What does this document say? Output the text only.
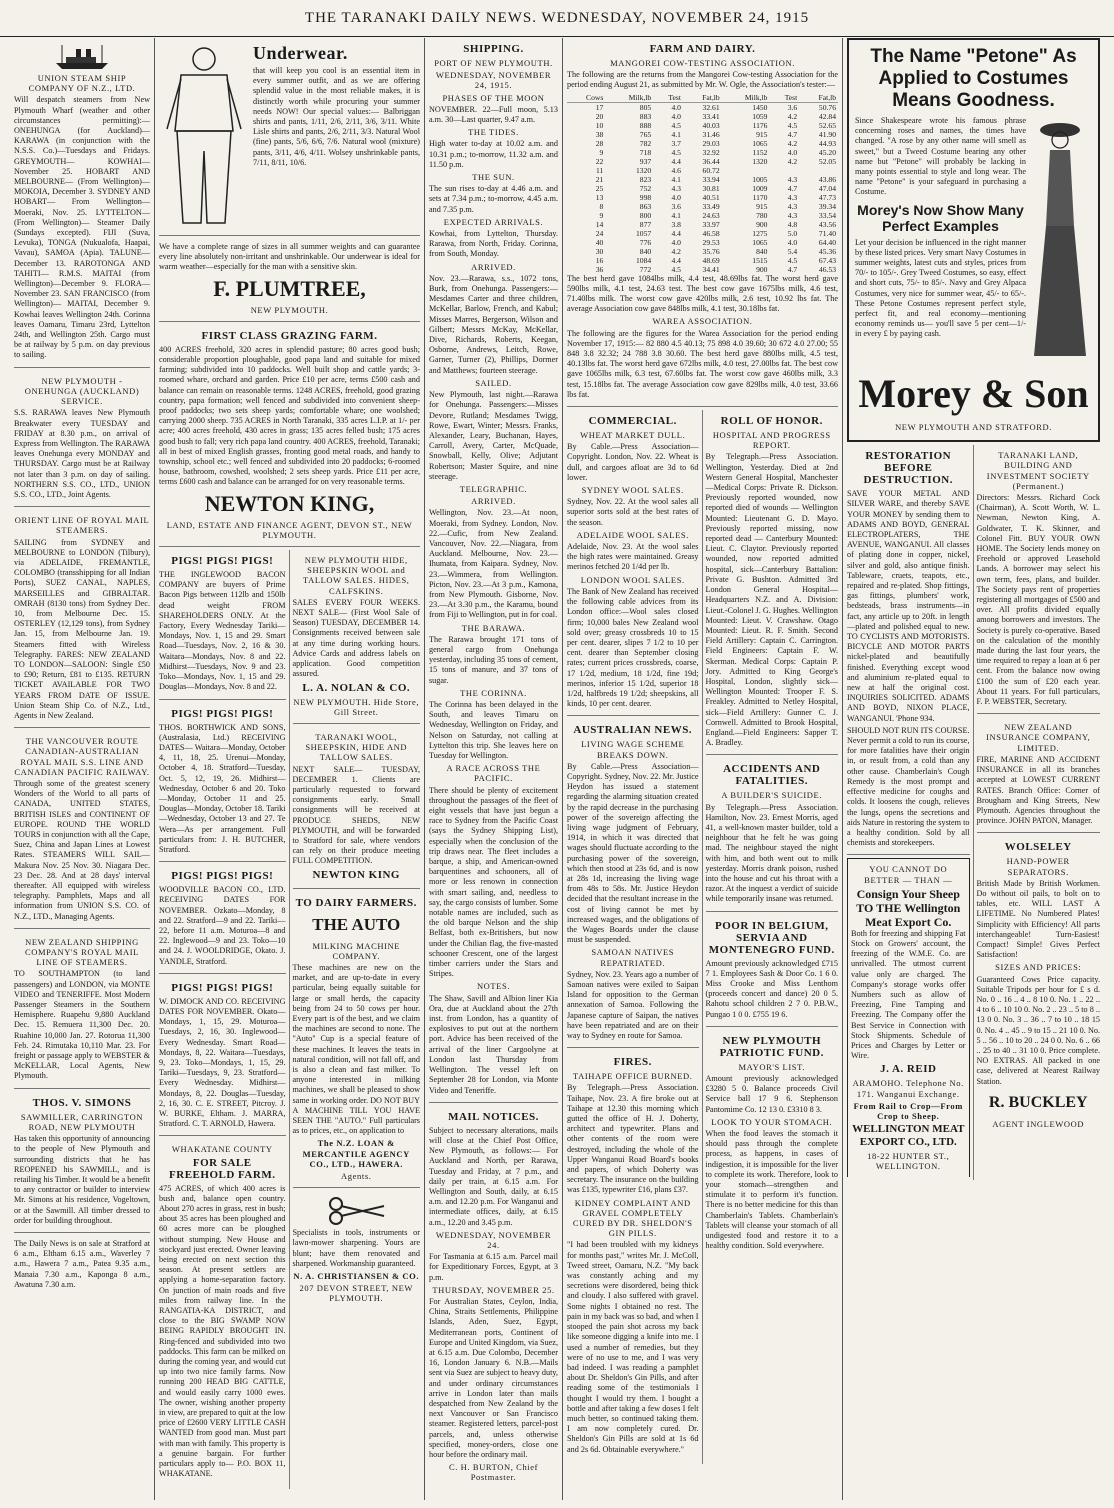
THE TARANAKI DAILY NEWS. WEDNESDAY, NOVEMBER 24, 1915
UNION STEAM SHIP COMPANY OF N.Z., LTD.

Will despatch steamers from New Plymouth Wharf (weather and other circumstances permitting):— ONEHUNGA (for Auckland)— KARAWA (in conjunction with the N.S.S. Co.)—Tuesdays and Fridays. GREYMOUTH— KOWHAI—November 25. HOBART AND MELBOURNE— (From Wellington)— MOKOIA, December 3. SYDNEY AND HOBART— From Wellington—Moeraki, Nov. 25. LYTTELTON— (From Wellington)— Steamer Daily (Sundays excepted). FIJI (Suva, Levuka), TONGA (Nukualofa, Haapai, Vavau), SAMOA (Apia). TALUNE—December 13. RAROTONGA AND TAHITI— R.M.S. MAITAI (from Wellington)—December 9. FLORA—November 23. SAN FRANCISCO (from Wellington)— MAITAI, December 9. Kowhai leaves Wellington 24th. Corinna leaves Oamaru, Timaru 23rd, Lyttelton 24th, and Wellington 25th. Cargo must be at railway by 5 p.m. on day previous to sailing.

NEW PLYMOUTH - ONEHUNGA (AUCKLAND) SERVICE.

S.S. RARAWA leaves New Plymouth Breakwater every TUESDAY and FRIDAY at 8.30 p.m., on arrival of Express from Wellington. The RARAWA leaves Onehunga every MONDAY and THURSDAY. Cargo must be at Railway not later than 3 p.m. on day of sailing. NORTHERN S.S. CO., LTD., UNION S.S. CO., LTD., Joint Agents.

ORIENT LINE OF ROYAL MAIL STEAMERS.

SAILING from SYDNEY and MELBOURNE to LONDON (Tilbury), via ADELAIDE, FREMANTLE, COLOMBO (transshipping for all Indian Ports), SUEZ CANAL, NAPLES, MARSEILLES and GIBRALTAR. OMRAH (8130 tons) from Sydney Dec. 10, from Melbourne Dec. 15. OSTERLEY (12,129 tons), from Sydney Jan. 15, from Melbourne Jan. 19. Steamers fitted with Wireless Telegraphy. FARES: NEW ZEALAND TO LONDON—SALOON: Single £50 to £90; Return, £81 to £135. RETURN TICKET AVAILABLE FOR TWO YEARS FROM DATE OF ISSUE. Union Steam Ship Co. of N.Z., Ltd., Agents in New Zealand.

THE VANCOUVER ROUTE CANADIAN-AUSTRALIAN ROYAL MAIL S.S. LINE AND CANADIAN PACIFIC RAILWAY.

Through some of the greatest scenery Wonders of the World to all parts of CANADA, UNITED STATES, BRITISH ISLES and CONTINENT OF EUROPE. ROUND THE WORLD TOURS in conjunction with all the Cape, Suez, China and Japan Lines at Lowest Rates. STEAMERS WILL SAIL— Makura Nov. 25 Nov. 30. Niagara Dec. 23 Dec. 28. And at 28 days' interval thereafter. All equipped with wireless telegraphy. Pamphlets, Maps and all information from UNION S.S. CO. of N.Z., LTD., Managing Agents.

NEW ZEALAND SHIPPING COMPANY'S ROYAL MAIL LINE OF STEAMERS.

TO SOUTHAMPTON (to land passengers) and LONDON, via MONTE VIDEO and TENERIFFE. Most Modern Passenger Steamers in the Southern Hemisphere. Ruapehu 9,880 Auckland Dec. 15. Remuera 11,300 Dec. 20. Ruahine 10,000 Jan. 27. Rotorua 11,300 Feb. 24. Rimutaka 10,110 Mar. 23. For freight or passage apply to WEBSTER & McKELLAR, Local Agents, New Plymouth.

THOS. V. SIMONS
SAWMILLER, CARRINGTON ROAD, NEW PLYMOUTH

Has taken this opportunity of announcing to the people of New Plymouth and surrounding districts that he has REOPENED his SAWMILL, and is retailing his Timber. It would be a benefit to any contractor or builder to interview Mr. Simons at his residence, Vogeltown, or at the Sawmill. All timber dressed to order for building throughout.

The Daily News is on sale at Stratford at 6 a.m., Eltham 6.15 a.m., Waverley 7 a.m., Hawera 7 a.m., Patea 9.35 a.m., Manaia 7.30 a.m., Kaponga 8 a.m., Awatuna 7.30 a.m.

Underwear.

that will keep you cool is an essential item in every summer outfit, and as we are offering splendid value in the most reliable makes, it is distinctly worth while procuring your summer needs NOW! Our special values:— Balbriggan shirts and pants, 1/11, 2/6, 2/11, 3/6, 3/11. White Lisle shirts and pants, 2/6, 2/11, 3/3. Natural Wool (fine) pants, 5/6, 6/6, 7/6. Natural wool (mixture) pants, 3/11, 4/6, 4/11. Wolsey unshrinkable pants, 7/11, 8/11, 10/6.

We have a complete range of sizes in all summer weights and can guarantee every line absolutely non-irritant and unshrinkable. Our underwear is ideal for warm weather—especially for the man with a sensitive skin.

F. PLUMTREE,
NEW PLYMOUTH.
FIRST CLASS GRAZING FARM.

400 ACRES freehold, 320 acres in splendid pasture; 80 acres good bush; considerable proportion ploughable, good papa land and suitable for mixed farming; subdivided into 10 paddocks. Well built shop and cattle yards; 3-roomed whare, orchard and garden. Price £10 per acre, terms £500 cash and balance can remain on reasonable terms. 1248 ACRES, freehold, good grazing country, papa formation; well fenced and subdivided into convenient sheep-proof paddocks; two sets sheep yards; comfortable whare; one woolshed; carrying 2000 sheep. 735 ACRES in North Taranaki, 335 acres L.I.P. at 1/- per acre; 400 acres freehold, 430 acres in grass; 135 acres felled bush; 175 acres good bush to fall; very rich papa land country. 400 ACRES, freehold, Taranaki; all in best of mixed English grasses, fronting good metal roads, and handy to township, school etc.; well fenced and subdivided into 20 paddocks; 6-roomed house, bathroom, cowshed, woolshed; 2 sets sheep yards. Price £11 per acre, terms £600 cash and balance can be arranged for on very reasonable terms.

NEWTON KING,
LAND, ESTATE AND FINANCE AGENT, DEVON ST., NEW PLYMOUTH.
PIGS! PIGS! PIGS!

THE INGLEWOOD BACON COMPANY are buyers of Prime Bacon Pigs between 112lb and 150lb dead weight FROM SHAREHOLDERS ONLY. At the Factory, Every Wednesday Tariki—Mondays, Nov. 1, 15 and 29. Smart Road—Tuesdays, Nov. 2, 16 & 30. Waitara—Mondays, Nov. 8 and 22. Midhirst—Tuesdays, Nov. 9 and 23. Toko—Mondays, Nov. 1, 15 and 29. Douglas—Mondays, Nov. 8 and 22.

PIGS! PIGS! PIGS!

THOS. BORTHWICK AND SONS, (Australasia, Ltd.) RECEIVING DATES— Waitara—Monday, October 4, 11, 18, 25. Urenui—Monday, October 4, 18. Stratford—Tuesday, Oct. 5, 12, 19, 26. Midhirst—Wednesday, October 6 and 20. Toko—Monday, October 11 and 25. Douglas—Monday, October 18. Tariki—Wednesday, October 13 and 27. Te Wera—As per arrangement. Full particulars from: J. H. BUTCHER, Stratford.

PIGS! PIGS! PIGS!

WOODVILLE BACON CO., LTD. RECEIVING DATES FOR NOVEMBER. Ozkato—Monday, 8 and 22. Stratford—9 and 22. Tariki—22, before 11 a.m. Moturoa—8 and 22. Inglewood—9 and 23. Toko—10 and 24. J. WOOLDRIDGE, Okato. J. YANDLE, Stratford.

PIGS! PIGS! PIGS!

W. DIMOCK AND CO. RECEIVING DATES FOR NOVEMBER. Okato—Mondays, 1, 15, 29. Moturoa—Tuesdays, 2, 16, 30. Inglewood—Every Wednesday. Smart Road—Mondays, 8, 22. Waitara—Tuesdays, 9, 23. Toko—Mondays, 1, 15, 29. Tariki—Tuesdays, 9, 23. Stratford—Every Wednesday. Midhirst—Mondays, 8, 22. Douglas—Tuesday, 2, 16, 30. C. E. STREET, Pitcroy. J. W. BURKE, Eltham. J. MARRA, Stratford. C. T. ARNOLD, Hawera.

WHAKATANE COUNTY
FOR SALE FREEHOLD FARM.

475 ACRES, of which 400 acres is bush and, balance open country. About 270 acres in grass, rest in bush; about 35 acres has been ploughed and 60 acres more can be ploughed without stumping. New House and stockyard just erected. Owner leaving being erected on next section this season. At present settlers are applying a home-separation factory. On junction of main roads and five miles from railway line. In the RANGATIA-KA DISTRICT, and close to the BIG SWAMP NOW BEING RAPIDLY BROUGHT IN. Ring-fenced and subdivided into two paddocks. This farm can be milked on during the coming year, and would cut up into two nice family farms. Now running 200 HEAD BIG CATTLE, and would easily carry 1000 ewes. The owner, wishing another property in view, are prepared to quit at the low price of £2600 VERY LITTLE CASH WANTED from good man. Must part with man with family. This property is a genuine bargain. For further particulars apply to— P.O. BOX 11, WHAKATANE.

NEW PLYMOUTH HIDE, SHEEPSKIN WOOL and TALLOW SALES. HIDES, CALFSKINS.

SALES EVERY FOUR WEEKS. NEXT SALE— (First Wool Sale of Season) TUESDAY, DECEMBER 14. Consignments received between sale at any time during working hours. Advice Cards and address labels on application. Good competition assured.

L. A. NOLAN & CO.
NEW PLYMOUTH. Hide Store, Gill Street.
TARANAKI WOOL, SHEEPSKIN, HIDE AND TALLOW SALES.

NEXT SALE— TUESDAY, DECEMBER 1. Clients are particularly requested to forward consignments early. Small consignments will be received at PRODUCE SHEDS, NEW PLYMOUTH, and will be forwarded to Stratford for sale, where vendors can rely on their produce meeting FULL COMPETITION.

NEWTON KING
TO DAIRY FARMERS.
THE AUTO
MILKING MACHINE COMPANY.

These machines are new on the market, and are up-to-date in every particular, being equally suitable for large or small herds, the capacity being from 24 to 50 cows per hour. Every part is of the best, and we claim the machines are second to none. The "Auto" Cup is a special feature of these machines. It leaves the teats in natural condition, will not fall off, and is also a clean and fast milker. To anyone interested in milking machines, we shall be pleased to show same in working order. DO NOT BUY A MACHINE TILL YOU HAVE SEEN THE "AUTO." Full particulars as to prices, etc., on application to

The N.Z. LOAN & MERCANTILE AGENCY CO., LTD., HAWERA.
Agents.

Specialists in tools, instruments or lawn-mower sharpening. Yours are blunt; have them renovated and sharpened. Workmanship guaranteed.

N. A. CHRISTIANSEN & CO.
207 DEVON STREET, NEW PLYMOUTH.
SHIPPING.
PORT OF NEW PLYMOUTH.
WEDNESDAY, NOVEMBER 24, 1915.
PHASES OF THE MOON

NOVEMBER. 22—Full moon, 5.13 a.m. 30—Last quarter, 9.47 a.m.

THE TIDES.

High water to-day at 10.02 a.m. and 10.31 p.m.; to-morrow, 11.32 a.m. and 11.50 p.m.

THE SUN.

The sun rises to-day at 4.46 a.m. and sets at 7.34 p.m.; to-morrow, 4.45 a.m. and 7.35 p.m.

EXPECTED ARRIVALS.

Kowhai, from Lyttelton, Thursday. Rarawa, from North, Friday. Corinna, from South, Monday.

ARRIVED.

Nov. 23.—Rarawa, s.s., 1072 tons, Burk, from Onehunga. Passengers:—Mesdames Carter and three children, McKellar, Barlow, French, and Kabul; Misses Marres, Bergerson, Wilson and Gilbert; Messrs McKay, McKellar, Dive, Richards, Roberts, Keegan, Osborne, Andrews, Leitch, Rowe, Garner, Turner (2), Phillips, Dormer and Matthews; fourteen steerage.

SAILED.

New Plymouth, last night.—Rarawa for Onehunga. Passengers:—Misses Devore, Rutland; Mesdames Twigg, Rowe, Ewart, Winter; Messrs. Franks, Alexander, Leary, Buchanan, Hayes, Carroll, Avery, Carter, McQuade, Snowball, Kelly, Olive; Adjutant Robertson; Master Squire, and nine steerage.

TELEGRAPHIC.
ARRIVED.

Wellington, Nov. 23.—At noon, Moeraki, from Sydney. London, Nov. 22.—Cufic, from New Zealand. Vancouver, Nov. 22.—Niagara, from Auckland. Melbourne, Nov. 23.—Ihumata, from Kaipara. Sydney, Nov. 23.—Wimmera, from Wellington. Picton, Nov. 23.—At 3 p.m., Kamona, from New Plymouth. Gisborne, Nov. 23.—At 3.30 p.m., the Karamu, bound from Fiji to Wellington, put in for coal.

THE BARAWA.

The Rarawa brought 171 tons of general cargo from Onehunga yesterday, including 35 tons of cement, 15 tons of manure, and 37 tons of sugar.

THE CORINNA.

The Corinna has been delayed in the South, and leaves Timaru on Wednesday, Wellington on Friday, and Nelson on Saturday, not calling at Lyttelton this trip. She leaves here on Tuesday for Wellington.

A RACE ACROSS THE PACIFIC.

There should be plenty of excitement throughout the passages of the fleet of eight vessels that have just begun a race to Sydney from the Pacific Coast (says the Sydney Shipping List), especially when the conclusion of the trip draws near. The fleet includes a barque, a ship, and American-owned barquentines and schooners, all of more or less renown in connection with smart sailing, and, needless to say, the cargo consists of lumber. Some notable names are included, such as the old barque Nelson and the ship Belfast, both ex-Britishers, but now under the Chilian flag, the five-masted schooner Crescent, one of the largest timber carriers under the Stars and Stripes.

NOTES.

The Shaw, Savill and Albion liner Kia Ora, due at Auckland about the 27th inst. from London, has a quantity of explosives to put out at the northern port. Advice has been received of the arrival of the liner Cargoolyne at London last Thursday from Wellington. The vessel left on September 28 for London, via Monte Video and Teneriffe.

MAIL NOTICES.

Subject to necessary alterations, mails will close at the Chief Post Office, New Plymouth, as follows:— For Auckland and North, per Rarawa, Tuesday and Friday, at 7 p.m., and daily per train, at 6.15 a.m. For Wellington and South, daily, at 6.15 a.m. and 12.20 p.m. For Wanganui and intermediate offices, daily, at 6.15 a.m., 12.20 and 3.45 p.m.

WEDNESDAY, NOVEMBER 24.

For Tasmania at 6.15 a.m. Parcel mail for Expeditionary Forces, Egypt, at 3 p.m.

THURSDAY, NOVEMBER 25.

For Australian States, Ceylon, India, China, Straits Settlements, Philippine Islands, Aden, Suez, Egypt, Mediterranean ports, Continent of Europe and United Kingdom, via Suez, at 6.15 a.m. Due Colombo, December 16, London January 6. N.B.—Mails sent via Suez are subject to heavy duty, and under ordinary circumstances arrive in London later than mails despatched from New Zealand by the next Vancouver or San Francisco steamer. Registered letters, parcel-post parcels, and, unless otherwise specified, money-orders, close one hour before the ordinary mail.

C. H. BURTON, Chief Postmaster.
FARM AND DAIRY.
MANGOREI COW-TESTING ASSOCIATION.

The following are the returns from the Mangorei Cow-testing Association for the period ending August 21, as submitted by Mr. W. Ogle, the Association's tester:—

Cows	Milk,lb	Test	Fat,lb	Milk,lb	Test	Fat,lb
17	805	4.0	32.61	1450	3.6	50.76
20	883	4.0	33.41	1059	4.2	42.84
10	888	4.5	40.03	1176	4.5	52.65
38	765	4.1	31.46	915	4.7	41.90
28	782	3.7	29.03	1065	4.2	44.93
9	718	4.5	32.92	1152	4.0	45.20
22	937	4.4	36.44	1320	4.2	52.05
11	1320	4.6	60.72			
21	823	4.1	33.94	1005	4.3	43.86
25	752	4.3	30.81	1009	4.7	47.04
13	998	4.0	40.51	1170	4.3	47.73
8	863	3.6	33.49	915	4.3	39.34
9	800	4.1	24.63	780	4.3	33.54
14	877	3.8	33.97	900	4.8	43.56
24	1057	4.4	46.58	1275	5.0	71.40
40	776	4.0	29.53	1065	4.0	64.40
30	840	4.2	35.76	840	5.4	45.36
16	1084	4.4	48.69	1515	4.5	67.43
36	772	4.5	34.41	900	4.7	46.53

The best herd gave 1084lbs milk, 4.4 test, 48.69lbs fat. The worst herd gave 590lbs milk, 4.1 test, 24.63 test. The best cow gave 1675lbs milk, 4.6 test, 71.40lbs milk. The worst cow gave 420lbs milk, 2.6 test, 10.92 lbs fat. The average Association cow gave 848lbs milk, 4.1 test, 30.18lbs fat.

WAREA ASSOCIATION.

The following are the figures for the Warea Association for the period ending November 17, 1915:— 82 880 4.5 40.13; 75 898 4.0 39.60; 30 672 4.0 27.00; 55 848 3.8 32.32; 24 788 3.8 30.60. The best herd gave 880lbs milk, 4.5 test, 40.13lbs fat. The worst herd gave 672lbs milk, 4.0 test, 27.00lbs fat. The best cow gave 1065lbs milk, 6.3 test, 67.60lbs fat. The worst cow gave 460lbs milk, 3.3 test, 15.18lbs fat. The average Association cow gave 829lbs milk, 4.0 test, 33.66 lbs fat.

COMMERCIAL.
WHEAT MARKET DULL.

By Cable.—Press Association—Copyright. London, Nov. 22. Wheat is dull, and cargoes afloat are 3d to 6d lower.

SYDNEY WOOL SALES.

Sydney, Nov. 22. At the wool sales all superior sorts sold at the best rates of the season.

ADELAIDE WOOL SALES.

Adelaide, Nov. 23. At the wool sales the high rates were maintained. Greasy merinos fetched 20 1/4d per lb.

LONDON WOOL SALES.

The Bank of New Zealand has received the following cable advices from its London office:—Wool sales closed firm; 10,000 bales New Zealand wool sold over; greasy crossbreds 10 to 15 per cent. dearer, slipes 7 1/2 to 10 per cent. dearer than September closing rates; current prices crossbreds, coarse, 17 1/2d, medium, 18 1/2d, fine 19d; merinos, inferior 15 1/2d, superior 18 1/2d, halfbreds 19 1/2d; sheepskins, all kinds, 10 per cent. dearer.

AUSTRALIAN NEWS.
LIVING WAGE SCHEME BREAKS DOWN.

By Cable.—Press Association—Copyright. Sydney, Nov. 22. Mr. Justice Heydon has issued a statement regarding the alarming situation created by the rapid decrease in the purchasing power of the sovereign affecting the living wage judgment of February, 1914, in which it was directed that wages should fluctuate according to the purchasing power of the sovereign, which then stood at 23s 6d, and is now at 28s 1d, increasing the living wage from 48s to 58s. Mr. Justice Heydon decided that the resultant increase in the cost of living cannot be met by increased wages, and the obligations of the Wages Boards under the clause must be suspended.

SAMOAN NATIVES REPATRIATED.

Sydney, Nov. 23. Years ago a number of Samoan natives were exiled to Saipan Island for opposition to the German annexation of Samoa. Following the Japanese capture of Saipan, the natives have been repatriated and are on their way to Sydney en route for Samoa.

FIRES.
TAIHAPE OFFICE BURNED.

By Telegraph.—Press Association. Taihape, Nov. 23. A fire broke out at Taihape at 12.30 this morning which gutted the office of H. J. Doherty, architect and typewriter. Plans and other contents of the room were destroyed, including the whole of the Upper Wanganui Road Board's books and papers, of which Doherty was secretary. The insurance on the building was £135, typewriter £16, plans £37.

KIDNEY COMPLAINT AND GRAVEL COMPLETELY CURED BY DR. SHELDON'S GIN PILLS.

"I had been troubled with my kidneys for months past," writes Mr. J. McColl, Tweed street, Oamaru, N.Z. "My back was constantly aching and my secretions were disordered, being thick and cloudy. I also suffered with gravel. Some nights I obtained no rest. The pain in my back was so bad, and when I stooped the pain shot across my back like someone digging a knife into me. I used a number of remedies, but they were of no use to me, and I was very bad indeed. I was reading a pamphlet about Dr. Sheldon's Gin Pills, and after reading some of the testimonials I thought I would try them. I bought a bottle and after taking a few doses I felt much better, so continued taking them. I am now completely cured. Dr. Sheldon's Gin Pills are sold at 1s 6d and 2s 6d. Obtainable everywhere."

ROLL OF HONOR.
HOSPITAL AND PROGRESS REPORT.

By Telegraph.—Press Association. Wellington, Yesterday. Died at 2nd Western General Hospital, Manchester—Medical Corps: Private R. Dickson. Previously reported wounded, now reported died of wounds — Wellington Mounted: Lieutenant G. D. Mayo. Previously reported missing, now reported dead — Canterbury Mounted: Lieut. C. Claytor. Previously reported wounded, now reported admitted hospital, sick—Canterbury Battalion: Private G. Bushton. Admitted 3rd London General Hospital—Headquarters N.Z. and A. Division: Lieut.-Colonel J. G. Hughes. Wellington Mounted: Lieut. V. Crawshaw. Otago Mounted: Lieut. R. F. Smith. Second Field Artillery: Captain C. Carrington. Field Engineers: Captain F. W. Skerman. Medical Corps: Captain P. Jory. Admitted to King George's Hospital, London, slightly sick—Wellington Mounted: Trooper F. S. Freakley. Admitted to Netley Hospital, sick—Field Artillery: Gunner C. J. Cornwell. Admitted to Brook Hospital, England.—Field Engineers: Sapper T. A. Bradley.

ACCIDENTS AND FATALITIES.
A BUILDER'S SUICIDE.

By Telegraph.—Press Association. Hamilton, Nov. 23. Ernest Morris, aged 41, a well-known master builder, told a neighbour that he felt he was going mad. The neighbour stayed the night with him, and both went out to milk yesterday. Morris drank poison, rushed into the house and cut his throat with a razor. At the inquest a verdict of suicide while temporarily insane was returned.

POOR IN BELGIUM, SERVIA AND MONTENEGRO FUND.

Amount previously acknowledged £715 7 1. Employees Sash & Door Co. 1 6 0. Miss Crooke and Miss Lenthom (proceeds concert and dance) 20 0 5. Rahotu school children 2 7 0. P.B.W., Pungao 1 0 0. £755 19 6.

NEW PLYMOUTH PATRIOTIC FUND.
MAYOR'S LIST.

Amount previously acknowledged £3280 5 0. Balance proceeds Civil Service ball 17 9 6. Stephenson Pantomime Co. 12 13 0. £3310 8 3.

LOOK TO YOUR STOMACH.

When the food leaves the stomach it should pass through the complete process, as happens, in cases of indigestion, it is impossible for the liver to complete its work. Therefore, look to your stomach—strengthen and stimulate it to perform it's function. There is no better medicine for this than Chamberlain's Tablets. Chamberlain's Tablets will cleanse your stomach of all undigested food and restore it to a healthy condition. Sold everywhere.

The Name "Petone" As Applied to Costumes Means Goodness.

Since Shakespeare wrote his famous phrase concerning roses and names, the times have changed. "A rose by any other name will smell as sweet," but a Tweed Costume bearing any other name but "Petone" will probably be lacking in many points essential to style and long wear. The name "Petone" is your safeguard in purchasing a Costume.

Morey's Now Show Many Perfect Examples

Let your decision be influenced in the right manner by these listed prices. Very smart Navy Costumes in summer weights, latest cuts and styles, prices from 70/- to 105/-. Grey Tweed Costumes, so easy, effect and short cuts, 75/- to 85/-. Navy and Grey Alpaca Costumes, very nice for summer wear, 45/- to 65/-. These Petone Costumes represent perfect style, perfect fit, and real economy—mentioning economy reminds us— you'll save 5 per cent—1/- in every £ by paying cash.

Morey & Son
NEW PLYMOUTH AND STRATFORD.
RESTORATION BEFORE DESTRUCTION.

SAVE YOUR METAL AND SILVER WARE, and thereby SAVE YOUR MONEY by sending them to ADAMS AND BOYD, GENERAL ELECTROPLATERS, THE AVENUE, WANGANUI. All classes of plating done in copper, nickel, silver and gold, also antique finish. Tableware, cruets, teapots, etc., repaired and re-plated. Shop fittings, gas fittings, plumbers' work, bedsteads, brass instruments—in fact, any article up to 20ft. in length—plated and polished equal to new. TO CYCLISTS AND MOTORISTS. BICYCLE AND MOTOR PARTS nickel-plated and beautifully finished. Everything except wood and aluminium re-plated equal to new at half the original cost. INQUIRIES SOLICITED. ADAMS AND BOYD, NIXON PLACE, WANGANUI. 'Phone 934.

SHOULD NOT RUN ITS COURSE. Never permit a cold to run its course, for more fatalities have their origin in, or result from, a cold than any other cause. Chamberlain's Cough Remedy is the most prompt and effective medicine for coughs and colds. It loosens the cough, relieves the lungs, opens the secretions and aids Nature in restoring the system to a healthy condition. Sold by all chemists and storekeepers.

YOU CANNOT DO BETTER — THAN —
Consign Your Sheep TO THE Wellington Meat Export Co.

Both for freezing and shipping Fat Stock on Growers' account, the freezing of the W.M.E. Co. are unrivalled. The utmost current value only are charged. The Company's storage works offer Numbers such as allow of Freezing, Fine Tamping and Freezing. The Company offer the Best Service in Connection with Stock Shipments. Schedule of Prices and Charges by Letter or Wire.

J. A. REID
ARAMOHO. Telephone No. 171. Wanganui Exchange.
From Rail to Crop—From Crop to Sheep.
WELLINGTON MEAT EXPORT CO., LTD.
18-22 HUNTER ST., WELLINGTON.
TARANAKI LAND, BUILDING AND INVESTMENT SOCIETY (Permanent.)

Directors: Messrs. Richard Cock (Chairman), A. Scott Worth, W. L. Newman, Newton King, A. Goldwater, T. K. Skinner, and Colonel Fitt. BUY YOUR OWN HOME. The Society lends money on Freehold or approved Leasehold Lands. A borrower may select his own term, fees, plans, and builder. The Society pays rent of properties registering all mortgages of £500 and over. All profits divided equally among borrowers and investors. The Society is purely co-operative. Based on the calculation of the monthly made during the last four years, the time required to repay a loan at 6 per cent. From the balance now owing £100 the sum of £20 each year. About 11 years. For full particulars, F. P. WEBSTER, Secretary.

NEW ZEALAND INSURANCE COMPANY, LIMITED.

FIRE, MARINE AND ACCIDENT INSURANCE in all its branches accepted at LOWEST CURRENT RATES. Branch Office: Corner of Brougham and King Streets, New Plymouth. Agencies throughout the province. JOHN PATON, Manager.

WOLSELEY
HAND-POWER SEPARATORS.

British Made by British Workmen. Do without oil pails, to bolt on to tables, etc. WILL LAST A LIFETIME. No Numbered Plates! Simplicity with Efficiency! All parts interchangeable! Turn-Easiest! Compact! Simple! Gives Perfect Satisfaction!

SIZES AND PRICES:

Guaranteed Cows Price capacity. Suitable Tripods per hour for £ s d. No. 0 .. 16 .. 4 .. 8 10 0. No. 1 .. 22 .. 4 to 6 .. 10 10 0. No. 2 .. 23 .. 5 to 8 .. 13 0 0. No. 3 .. 36 .. 7 to 10 .. 18 15 0. No. 4 .. 45 .. 9 to 15 .. 21 10 0. No. 5 .. 56 .. 10 to 20 .. 24 0 0. No. 6 .. 66 .. 25 to 40 .. 31 10 0. Price complete. NO EXTRAS. All packed in one case, delivered at Nearest Railway Station.

R. BUCKLEY
AGENT INGLEWOOD
